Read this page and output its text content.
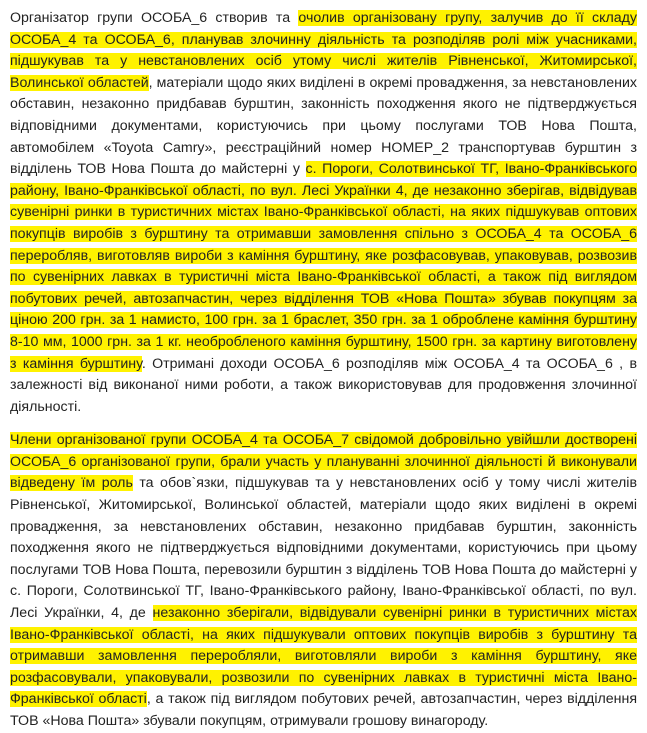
Організатор групи ОСОБА_6 створив та очолив організовану групу, залучив до її складу ОСОБА_4 та ОСОБА_6, планував злочинну діяльність та розподіляв ролі між учасниками, підшукував та у невстановлених осіб утому числі жителів Рівненської, Житомирської, Волинської областей, матеріали щодо яких виділені в окремі провадження, за невстановлених обставин, незаконно придбавав бурштин, законність походження якого не підтверджується відповідними документами, користуючись при цьому послугами ТОВ Нова Пошта, автомобілем «Toyota Camry», реєстраційний номер НОМЕР_2 транспортував бурштин з відділень ТОВ Нова Пошта до майстерні у с. Пороги, Солотвинської ТГ, Івано-Франківського району, Івано-Франківської області, по вул. Лесі Українки 4, де незаконно зберігав, відвідував сувенірні ринки в туристичних містах Івано-Франківської області, на яких підшукував оптових покупців виробів з бурштину та отримавши замовлення спільно з ОСОБА_4 та ОСОБА_6 переробляв, виготовляв вироби з каміння бурштину, яке розфасовував, упаковував, розвозив по сувенірних лавках в туристичні міста Івано-Франківської області, а також під виглядом побутових речей, автозапчастин, через відділення ТОВ «Нова Пошта» збував покупцям за ціною 200 грн. за 1 намисто, 100 грн. за 1 браслет, 350 грн. за 1 оброблене каміння бурштину 8-10 мм, 1000 грн. за 1 кг. необробленого каміння бурштину, 1500 грн. за картину виготовлену з каміння бурштину. Отримані доходи ОСОБА_6 розподіляв між ОСОБА_4 та ОСОБА_6 , в залежності від виконаної ними роботи, а також використовував для продовження злочинної діяльності.

Члени організованої групи ОСОБА_4 та ОСОБА_7 свідомой добровільно увійшли достворені ОСОБА_6 організованої групи, брали участь у плануванні злочинної діяльності й виконували відведену їм роль та обов`язки, підшукував та у невстановлених осіб у тому числі жителів Рівненської, Житомирської, Волинської областей, матеріали щодо яких виділені в окремі провадження, за невстановлених обставин, незаконно придбавав бурштин, законність походження якого не підтверджується відповідними документами, користуючись при цьому послугами ТОВ Нова Пошта, перевозили бурштин з відділень ТОВ Нова Пошта до майстерні у с. Пороги, Солотвинської ТГ, Івано-Франківського району, Івано-Франківської області, по вул. Лесі Українки, 4, де незаконно зберігали, відвідували сувенірні ринки в туристичних містах Івано-Франківської області, на яких підшукували оптових покупців виробів з бурштину та отримавши замовлення переробляли, виготовляли вироби з каміння бурштину, яке розфасовували, упаковували, розвозили по сувенірних лавках в туристичні міста Івано-Франківської області, а також під виглядом побутових речей, автозапчастин, через відділення ТОВ «Нова Пошта» збували покупцям, отримували грошову винагороду.
